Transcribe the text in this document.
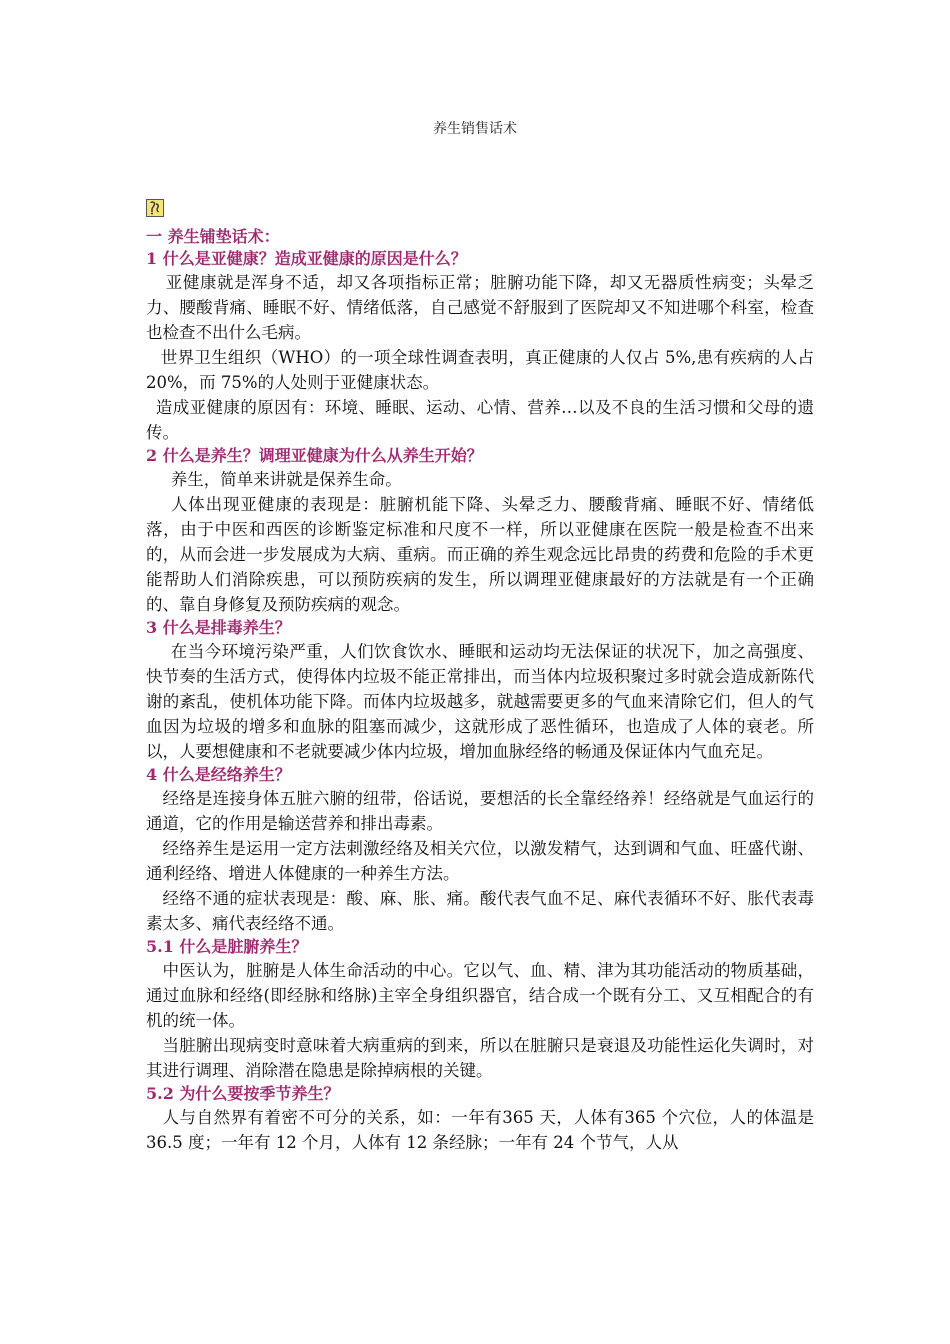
养生销售话术

一 养生铺垫话术：

1 什么是亚健康？造成亚健康的原因是什么？

亚健康就是浑身不适，却又各项指标正常；脏腑功能下降，却又无器质性病变；头晕乏力、腰酸背痛、睡眠不好、情绪低落，自己感觉不舒服到了医院却又不知进哪个科室，检查也检查不出什么毛病。

世界卫生组织（WHO）的一项全球性调查表明，真正健康的人仅占 5%,患有疾病的人占 20%，而 75%的人处则于亚健康状态。

造成亚健康的原因有：环境、睡眠、运动、心情、营养…以及不良的生活习惯和父母的遗传。

2 什么是养生？调理亚健康为什么从养生开始？

养生，简单来讲就是保养生命。

人体出现亚健康的表现是：脏腑机能下降、头晕乏力、腰酸背痛、睡眠不好、情绪低落，由于中医和西医的诊断鉴定标准和尺度不一样，所以亚健康在医院一般是检查不出来的，从而会进一步发展成为大病、重病。而正确的养生观念远比昂贵的药费和危险的手术更能帮助人们消除疾患，可以预防疾病的发生，所以调理亚健康最好的方法就是有一个正确的、靠自身修复及预防疾病的观念。

3 什么是排毒养生？

在当今环境污染严重，人们饮食饮水、睡眠和运动均无法保证的状况下，加之高强度、快节奏的生活方式，使得体内垃圾不能正常排出，而当体内垃圾积聚过多时就会造成新陈代谢的紊乱，使机体功能下降。而体内垃圾越多，就越需要更多的气血来清除它们，但人的气血因为垃圾的增多和血脉的阻塞而减少，这就形成了恶性循环，也造成了人体的衰老。所以，人要想健康和不老就要减少体内垃圾，增加血脉经络的畅通及保证体内气血充足。

4 什么是经络养生？

经络是连接身体五脏六腑的纽带，俗话说，要想活的长全靠经络养！经络就是气血运行的通道，它的作用是输送营养和排出毒素。

经络养生是运用一定方法刺激经络及相关穴位，以激发精气，达到调和气血、旺盛代谢、通利经络、增进人体健康的一种养生方法。

经络不通的症状表现是：酸、麻、胀、痛。酸代表气血不足、麻代表循环不好、胀代表毒素太多、痛代表经络不通。

5.1 什么是脏腑养生？

中医认为，脏腑是人体生命活动的中心。它以气、血、精、津为其功能活动的物质基础，通过血脉和经络(即经脉和络脉)主宰全身组织器官，结合成一个既有分工、又互相配合的有机的统一体。

当脏腑出现病变时意味着大病重病的到来，所以在脏腑只是衰退及功能性运化失调时，对其进行调理、消除潜在隐患是除掉病根的关键。

5.2 为什么要按季节养生？

人与自然界有着密不可分的关系，如：一年有365 天，人体有365 个穴位，人的体温是 36.5 度；一年有 12 个月，人体有 12 条经脉；一年有 24 个节气，人从
